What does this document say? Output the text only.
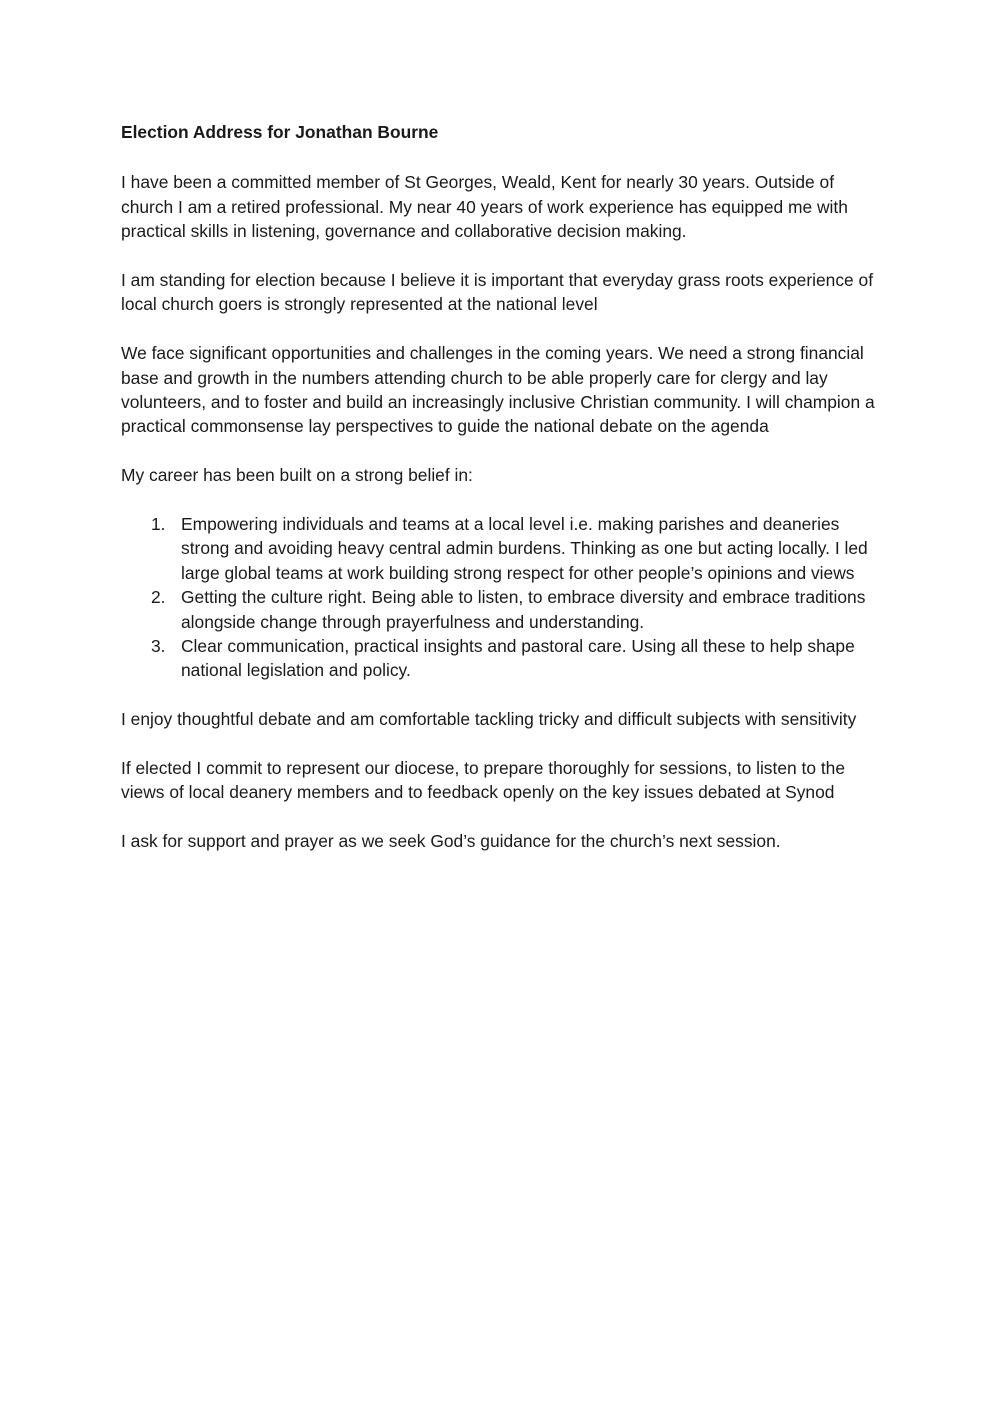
Election Address for Jonathan Bourne

I have been a committed member of St Georges, Weald, Kent for nearly 30 years. Outside of church I am a retired professional. My near 40 years of work experience has equipped me with practical skills in listening, governance and collaborative decision making.

I am standing for election because I believe it is important that everyday grass roots experience of local church goers is strongly represented at the national level

We face significant opportunities and challenges in the coming years. We need a strong financial base and growth in the numbers attending church to be able properly care for clergy and lay volunteers, and to foster and build an increasingly inclusive Christian community. I will champion a practical commonsense lay perspectives to guide the national debate on the agenda

My career has been built on a strong belief in:

1. Empowering individuals and teams at a local level i.e. making parishes and deaneries strong and avoiding heavy central admin burdens. Thinking as one but acting locally. I led large global teams at work building strong respect for other people’s opinions and views
2. Getting the culture right. Being able to listen, to embrace diversity and embrace traditions alongside change through prayerfulness and understanding.
3. Clear communication, practical insights and pastoral care. Using all these to help shape national legislation and policy.

I enjoy thoughtful debate and am comfortable tackling tricky and difficult subjects with sensitivity

If elected I commit to represent our diocese, to prepare thoroughly for sessions, to listen to the views of local deanery members and to feedback openly on the key issues debated at Synod

I ask for support and prayer as we seek God’s guidance for the church’s next session.
